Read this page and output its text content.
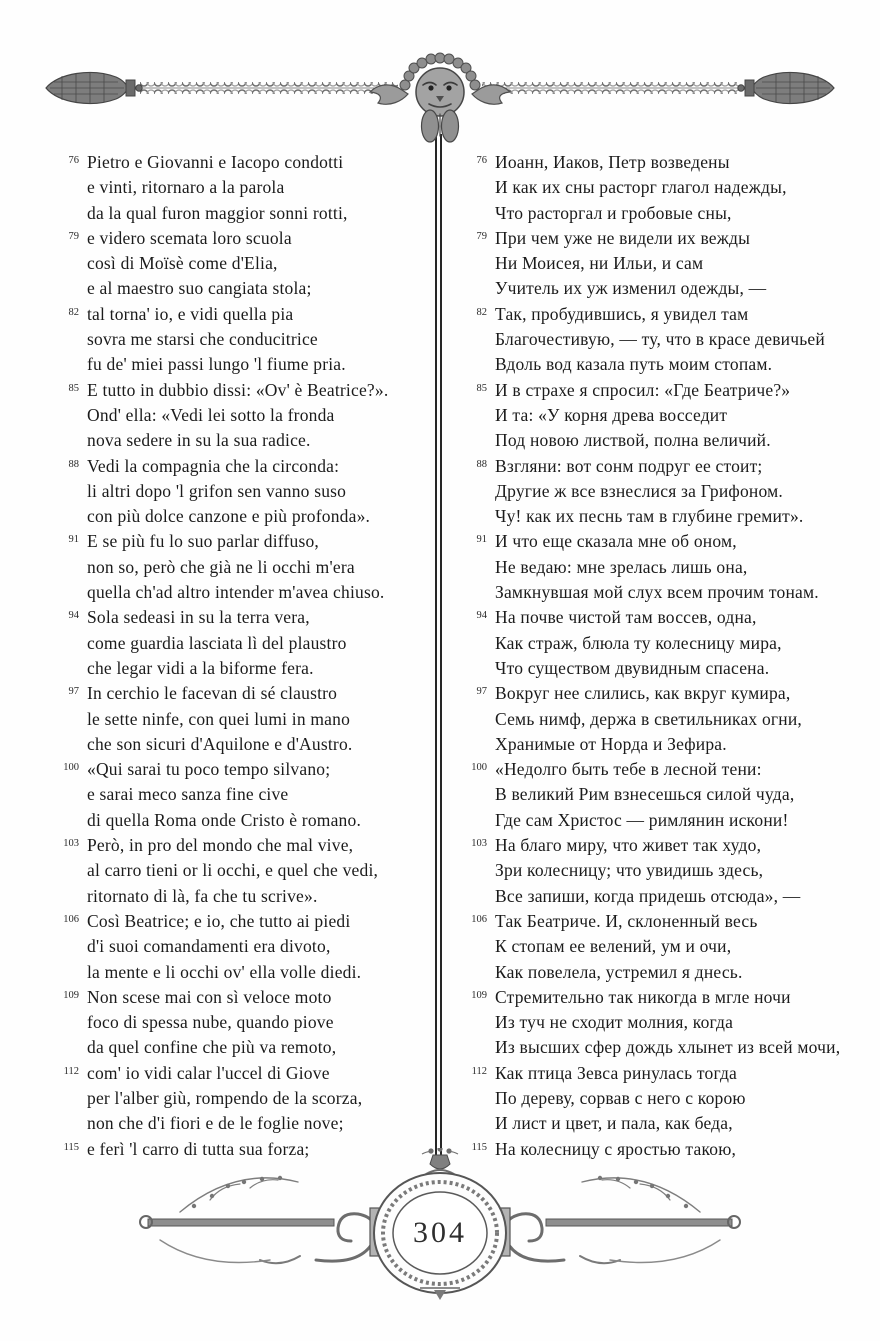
76 Pietro e Giovanni e Iacopo condotti
e vinti, ritornaro a la parola
da la qual furon maggior sonni rotti,
79 e videro scemata loro scuola
così di Moïsè come d'Elia,
e al maestro suo cangiata stola;
82 tal torna' io, e vidi quella pia
sovra me starsi che conducitrice
fu de' miei passi lungo 'l fiume pria.
85 E tutto in dubbio dissi: «Ov' è Beatrice?».
Ond' ella: «Vedi lei sotto la fronda
nova sedere in su la sua radice.
88 Vedi la compagnia che la circonda:
li altri dopo 'l grifon sen vanno suso
con più dolce canzone e più profonda».
91 E se più fu lo suo parlar diffuso,
non so, però che già ne li occhi m'era
quella ch'ad altro intender m'avea chiuso.
94 Sola sedeasi in su la terra vera,
come guardia lasciata lì del plaustro
che legar vidi a la biforme fera.
97 In cerchio le facevan di sé claustro
le sette ninfe, con quei lumi in mano
che son sicuri d'Aquilone e d'Austro.
100 «Qui sarai tu poco tempo silvano;
e sarai meco sanza fine cive
di quella Roma onde Cristo è romano.
103 Però, in pro del mondo che mal vive,
al carro tieni or li occhi, e quel che vedi,
ritornato di là, fa che tu scrive».
106 Così Beatrice; e io, che tutto ai piedi
d'i suoi comandamenti era divoto,
la mente e li occhi ov' ella volle diedi.
109 Non scese mai con sì veloce moto
foco di spessa nube, quando piove
da quel confine che più va remoto,
112 com' io vidi calar l'uccel di Giove
per l'alber giù, rompendo de la scorza,
non che d'i fiori e de le foglie nove;
115 e ferì 'l carro di tutta sua forza;
76 Иоанн, Иаков, Петр возведены
И как их сны расторг глагол надежды,
Что расторгал и гробовые сны,
79 При чем уже не видели их вежды
Ни Моисея, ни Ильи, и сам
Учитель их уж изменил одежды, —
82 Так, пробудившись, я увидел там
Благочестивую, — ту, что в красе девичьей
Вдоль вод казала путь моим стопам.
85 И в страхе я спросил: «Где Беатриче?»
И та: «У корня древа восседит
Под новою листвой, полна величий.
88 Взгляни: вот сонм подруг ее стоит;
Другие ж все взнеслися за Грифоном.
Чу! как их песнь там в глубине гремит».
91 И что еще сказала мне об оном,
Не ведаю: мне зрелась лишь она,
Замкнувшая мой слух всем прочим тонам.
94 На почве чистой там воссев, одна,
Как страж, блюла ту колесницу мира,
Что существом двувидным спасена.
97 Вокруг нее слились, как вкруг кумира,
Семь нимф, держа в светильниках огни,
Хранимые от Норда и Зефира.
100 «Недолго быть тебе в лесной тени:
В великий Рим взнесешься силой чуда,
Где сам Христос — римлянин искони!
103 На благо миру, что живет так худо,
Зри колесницу; что увидишь здесь,
Все запиши, когда придешь отсюда», —
106 Так Беатриче. И, склоненный весь
К стопам ее велений, ум и очи,
Как повелела, устремил я днесь.
109 Стремительно так никогда в мгле ночи
Из туч не сходит молния, когда
Из высших сфер дождь хлынет из всей мочи,
112 Как птица Зевса ринулась тогда
По дереву, сорвав с него с корою
И лист и цвет, и пала, как беда,
115 На колесницу с яростью такою,
304
